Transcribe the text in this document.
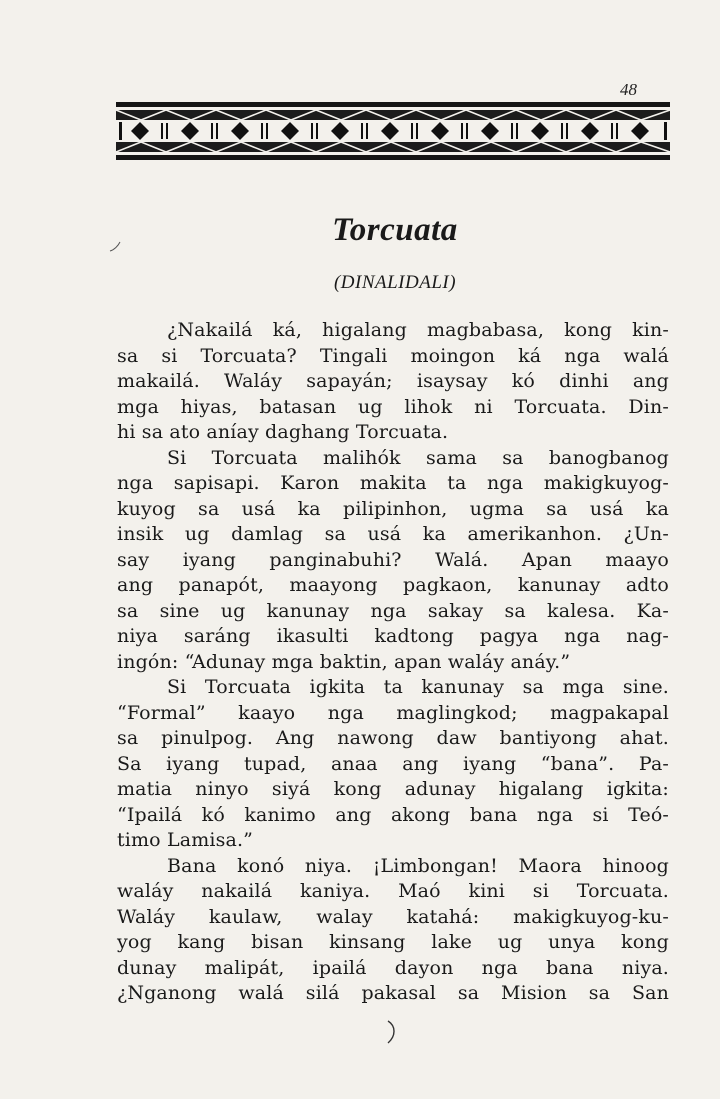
48
Torcuata
(DINALIDALI)
¿Nakailá ká, higalang magbabasa, kong kin-
sa si Torcuata? Tingali moingon ká nga walá
makailá. Waláy sapayán; isaysay kó dinhi ang
mga hiyas, batasan ug lihok ni Torcuata. Din-
hi sa ato aníay daghang Torcuata.
Si Torcuata malihók sama sa banogbanog
nga sapisapi. Karon makita ta nga makigkuyog-
kuyog sa usá ka pilipinhon, ugma sa usá ka
insik ug damlag sa usá ka amerikanhon. ¿Un-
say iyang panginabuhi? Walá. Apan maayo
ang panapót, maayong pagkaon, kanunay adto
sa sine ug kanunay nga sakay sa kalesa. Ka-
niya saráng ikasulti kadtong pagya nga nag-
ingón: “Adunay mga baktin, apan waláy anáy.”
Si Torcuata igkita ta kanunay sa mga sine.
“Formal” kaayo nga maglingkod; magpakapal
sa pinulpog. Ang nawong daw bantiyong ahat.
Sa iyang tupad, anaa ang iyang “bana”. Pa-
matia ninyo siyá kong adunay higalang igkita:
“Ipailá kó kanimo ang akong bana nga si Teó-
timo Lamisa.”
Bana konó niya. ¡Limbongan! Maora hinoog
waláy nakailá kaniya. Maó kini si Torcuata.
Waláy kaulaw, walay katahá: makigkuyog-ku-
yog kang bisan kinsang lake ug unya kong
dunay malipát, ipailá dayon nga bana niya.
¿Nganong walá silá pakasal sa Mision sa San
